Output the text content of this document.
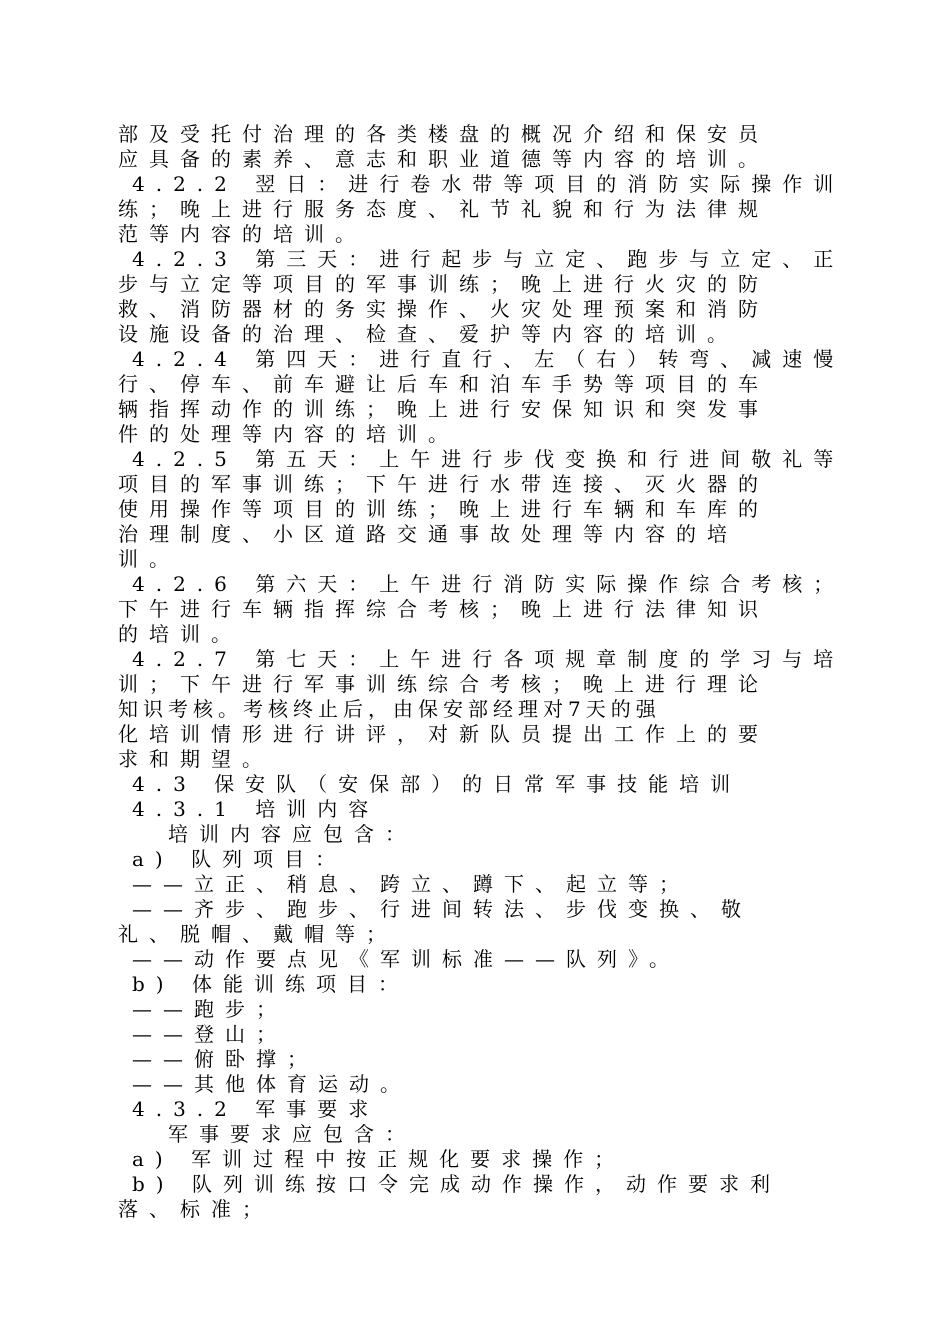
部及受托付治理的各类楼盘的概况介绍和保安员
应具备的素养、意志和职业道德等内容的培训。
4.2.2 翌日：进行卷水带等项目的消防实际操作训
练；晚上进行服务态度、礼节礼貌和行为法律规
范等内容的培训。
4.2.3 第三天：进行起步与立定、跑步与立定、正
步与立定等项目的军事训练；晚上进行火灾的防
救、消防器材的务实操作、火灾处理预案和消防
设施设备的治理、检查、爱护等内容的培训。
4.2.4 第四天：进行直行、左（右）转弯、减速慢
行、停车、前车避让后车和泊车手势等项目的车
辆指挥动作的训练；晚上进行安保知识和突发事
件的处理等内容的培训。
4.2.5 第五天：上午进行步伐变换和行进间敬礼等
项目的军事训练；下午进行水带连接、灭火器的
使用操作等项目的训练；晚上进行车辆和车库的
治理制度、小区道路交通事故处理等内容的培
训。
4.2.6 第六天：上午进行消防实际操作综合考核；
下午进行车辆指挥综合考核；晚上进行法律知识
的培训。
4.2.7 第七天：上午进行各项规章制度的学习与培
训；下午进行军事训练综合考核；晚上进行理论
知识考核。考核终止后，由保安部经理对7天的强
化培训情形进行讲评，对新队员提出工作上的要
求和期望。
4.3 保安队（安保部）的日常军事技能培训
4.3.1 培训内容
培训内容应包含：
a) 队列项目：
——立正、稍息、跨立、蹲下、起立等；
——齐步、跑步、行进间转法、步伐变换、敬
礼、脱帽、戴帽等；
——动作要点见《军训标准——队列》。
b) 体能训练项目：
——跑步；
——登山；
——俯卧撑；
——其他体育运动。
4.3.2 军事要求
军事要求应包含：
a) 军训过程中按正规化要求操作；
b) 队列训练按口令完成动作操作，动作要求利
落、标准；
